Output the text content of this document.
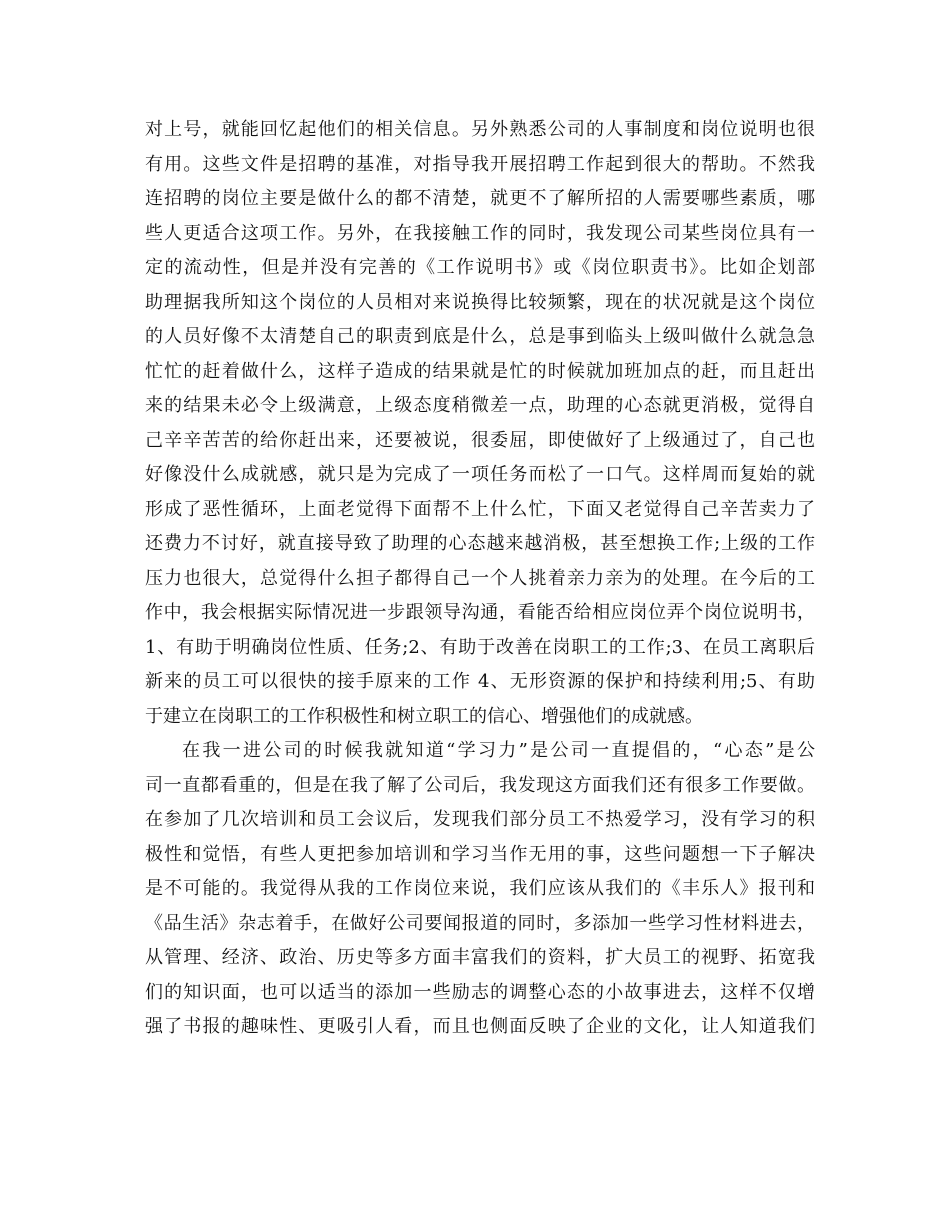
对上号，就能回忆起他们的相关信息。另外熟悉公司的人事制度和岗位说明也很
有用。这些文件是招聘的基准，对指导我开展招聘工作起到很大的帮助。不然我
连招聘的岗位主要是做什么的都不清楚，就更不了解所招的人需要哪些素质，哪
些人更适合这项工作。另外，在我接触工作的同时，我发现公司某些岗位具有一
定的流动性，但是并没有完善的《工作说明书》或《岗位职责书》。比如企划部
助理据我所知这个岗位的人员相对来说换得比较频繁，现在的状况就是这个岗位
的人员好像不太清楚自己的职责到底是什么，总是事到临头上级叫做什么就急急
忙忙的赶着做什么，这样子造成的结果就是忙的时候就加班加点的赶，而且赶出
来的结果未必令上级满意，上级态度稍微差一点，助理的心态就更消极，觉得自
己辛辛苦苦的给你赶出来，还要被说，很委屈，即使做好了上级通过了，自己也
好像没什么成就感，就只是为完成了一项任务而松了一口气。这样周而复始的就
形成了恶性循环，上面老觉得下面帮不上什么忙，下面又老觉得自己辛苦卖力了
还费力不讨好，就直接导致了助理的心态越来越消极，甚至想换工作;上级的工作
压力也很大，总觉得什么担子都得自己一个人挑着亲力亲为的处理。在今后的工
作中，我会根据实际情况进一步跟领导沟通，看能否给相应岗位弄个岗位说明书，
1、有助于明确岗位性质、任务;2、有助于改善在岗职工的工作;3、在员工离职后
新来的员工可以很快的接手原来的工作 4、无形资源的保护和持续利用;5、有助
于建立在岗职工的工作积极性和树立职工的信心、增强他们的成就感。
在我一进公司的时候我就知道“学习力”是公司一直提倡的，“心态”是公
司一直都看重的，但是在我了解了公司后，我发现这方面我们还有很多工作要做。
在参加了几次培训和员工会议后，发现我们部分员工不热爱学习，没有学习的积
极性和觉悟，有些人更把参加培训和学习当作无用的事，这些问题想一下子解决
是不可能的。我觉得从我的工作岗位来说，我们应该从我们的《丰乐人》报刊和
《品生活》杂志着手，在做好公司要闻报道的同时，多添加一些学习性材料进去，
从管理、经济、政治、历史等多方面丰富我们的资料，扩大员工的视野、拓宽我
们的知识面，也可以适当的添加一些励志的调整心态的小故事进去，这样不仅增
强了书报的趣味性、更吸引人看，而且也侧面反映了企业的文化，让人知道我们
